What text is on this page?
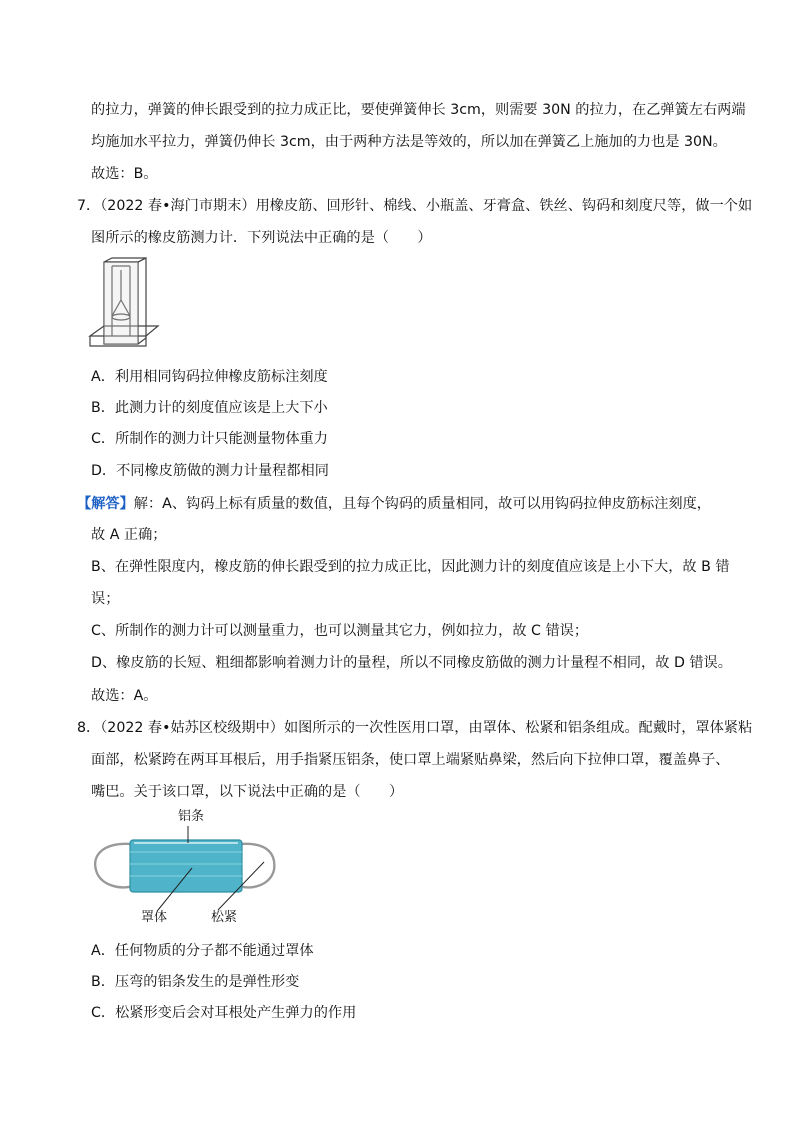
的拉力，弹簧的伸长跟受到的拉力成正比，要使弹簧伸长 3cm，则需要 30N 的拉力，在乙弹簧左右两端
均施加水平拉力，弹簧仍伸长 3cm，由于两种方法是等效的，所以加在弹簧乙上施加的力也是 30N。
故选：B。
7．（2022 春•海门市期末）用橡皮筋、回形针、棉线、小瓶盖、牙膏盒、铁丝、钩码和刻度尺等，做一个如
图所示的橡皮筋测力计．下列说法中正确的是（　　）
A．利用相同钩码拉伸橡皮筋标注刻度
B．此测力计的刻度值应该是上大下小
C．所制作的测力计只能测量物体重力
D．不同橡皮筋做的测力计量程都相同
【解答】解：A、钩码上标有质量的数值，且每个钩码的质量相同，故可以用钩码拉伸皮筋标注刻度，
故 A 正确；
B、在弹性限度内，橡皮筋的伸长跟受到的拉力成正比，因此测力计的刻度值应该是上小下大，故 B 错
误；
C、所制作的测力计可以测量重力，也可以测量其它力，例如拉力，故 C 错误；
D、橡皮筋的长短、粗细都影响着测力计的量程，所以不同橡皮筋做的测力计量程不相同，故 D 错误。
故选：A。
8．（2022 春•姑苏区校级期中）如图所示的一次性医用口罩，由罩体、松紧和铝条组成。配戴时，罩体紧粘
面部，松紧跨在两耳耳根后，用手指紧压铝条，使口罩上端紧贴鼻梁，然后向下拉伸口罩，覆盖鼻子、
嘴巴。关于该口罩，以下说法中正确的是（　　）
铝条
罩体	松紧
A．任何物质的分子都不能通过罩体
B．压弯的铝条发生的是弹性形变
C．松紧形变后会对耳根处产生弹力的作用
